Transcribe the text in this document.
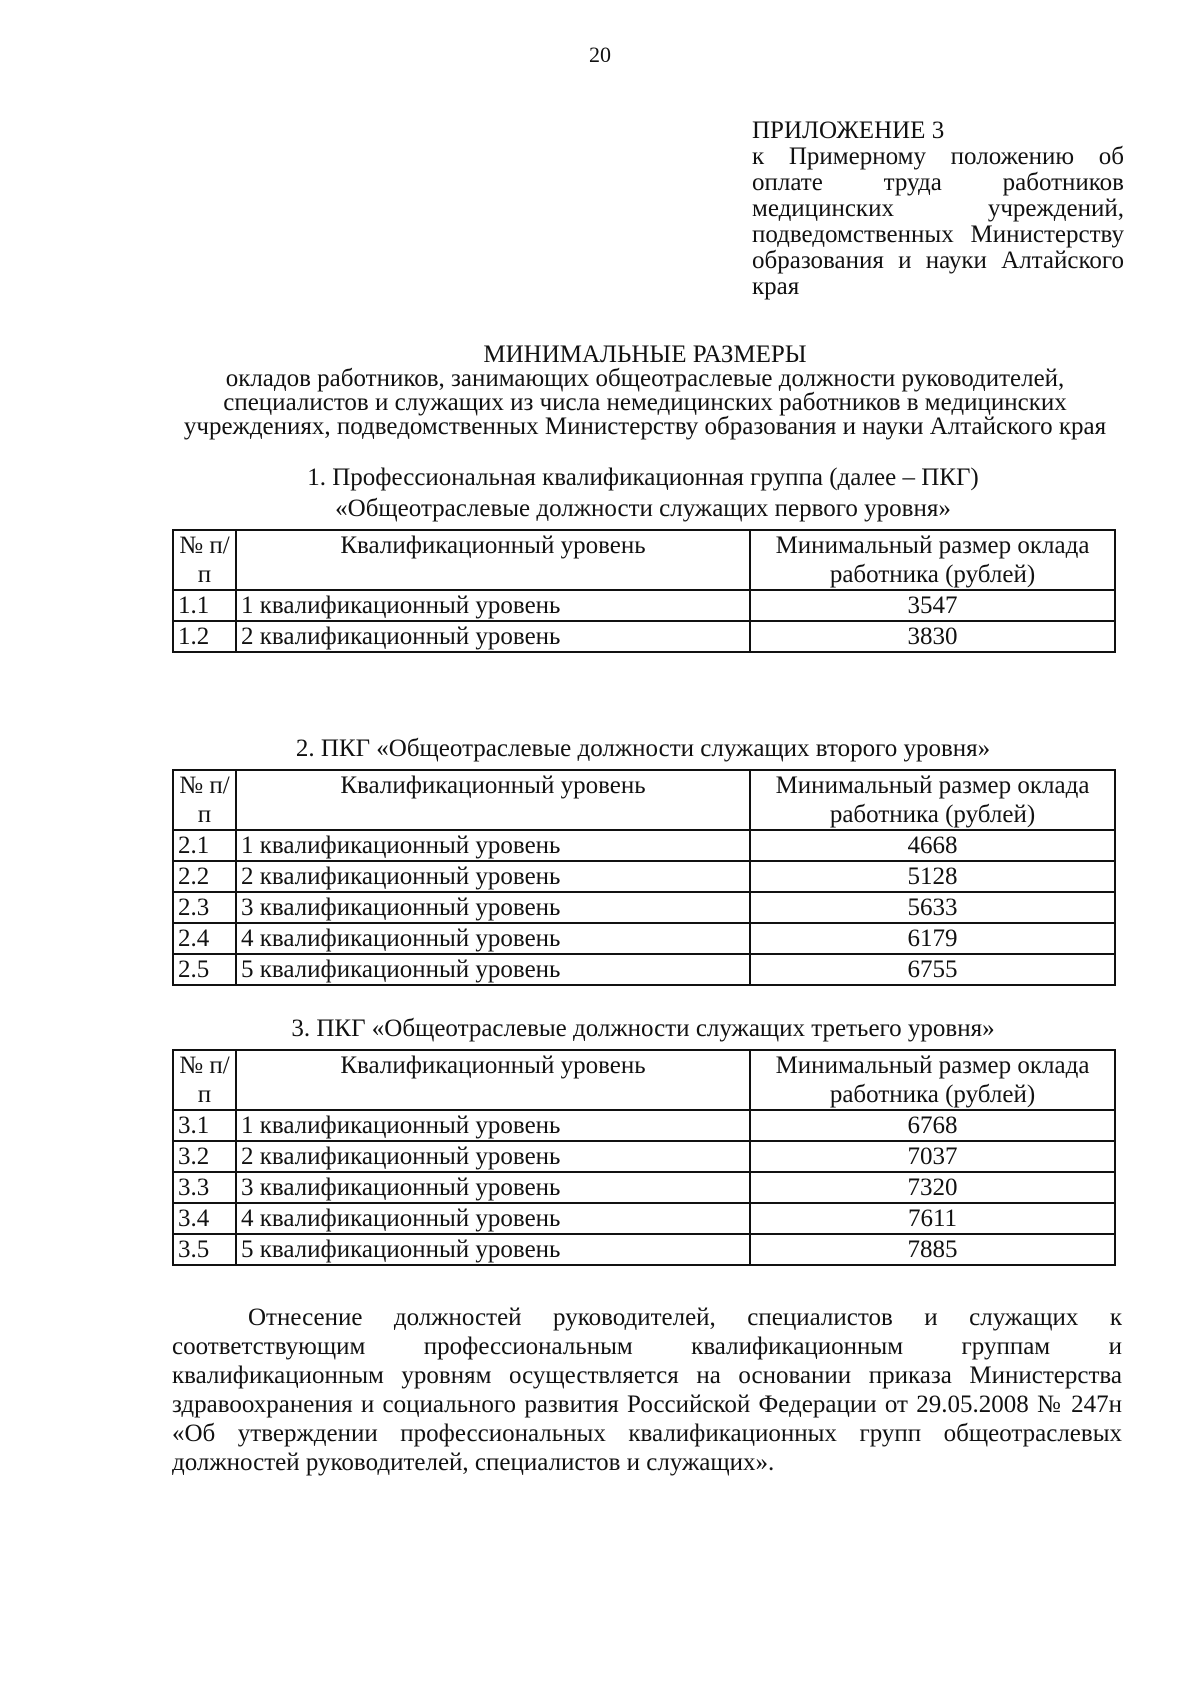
20
ПРИЛОЖЕНИЕ 3
к Примерному положению об оплате труда работников медицинских учреждений, подведомственных Министерству образования и науки Алтайского края
МИНИМАЛЬНЫЕ РАЗМЕРЫ
окладов работников, занимающих общеотраслевые должности руководителей, специалистов и служащих из числа немедицинских работников в медицинских учреждениях, подведомственных Министерству образования и науки Алтайского края
1. Профессиональная квалификационная группа (далее – ПКГ)
«Общеотраслевые должности служащих первого уровня»
№ п/п	Квалификационный уровень	Минимальный размер оклада работника (рублей)
1.1	1 квалификационный уровень	3547
1.2	2 квалификационный уровень	3830
2. ПКГ «Общеотраслевые должности служащих второго уровня»
№ п/п	Квалификационный уровень	Минимальный размер оклада работника (рублей)
2.1	1 квалификационный уровень	4668
2.2	2 квалификационный уровень	5128
2.3	3 квалификационный уровень	5633
2.4	4 квалификационный уровень	6179
2.5	5 квалификационный уровень	6755
3. ПКГ «Общеотраслевые должности служащих третьего уровня»
№ п/п	Квалификационный уровень	Минимальный размер оклада работника (рублей)
3.1	1 квалификационный уровень	6768
3.2	2 квалификационный уровень	7037
3.3	3 квалификационный уровень	7320
3.4	4 квалификационный уровень	7611
3.5	5 квалификационный уровень	7885
Отнесение должностей руководителей, специалистов и служащих к соответствующим профессиональным квалификационным группам и квалификационным уровням осуществляется на основании приказа Министерства здравоохранения и социального развития Российской Федерации от 29.05.2008 № 247н «Об утверждении профессиональных квалификационных групп общеотраслевых должностей руководителей, специалистов и служащих».
